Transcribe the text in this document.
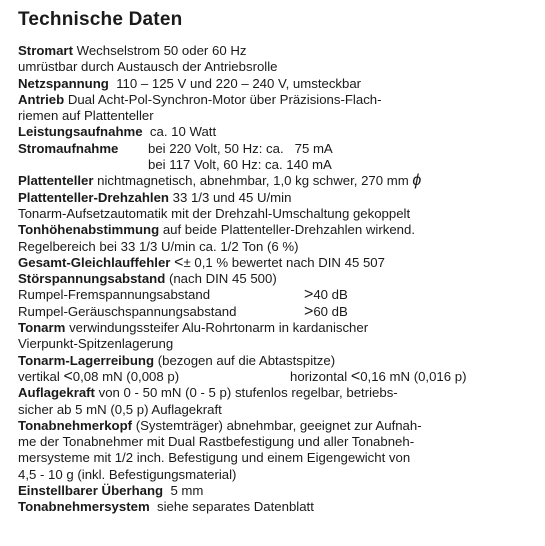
Technische Daten
Stromart Wechselstrom 50 oder 60 Hz
umrüstbar durch Austausch der Antriebsrolle
Netzspannung 110 – 125 V und 220 – 240 V, umsteckbar
Antrieb Dual Acht-Pol-Synchron-Motor über Präzisions-Flach-
riemen auf Plattenteller
Leistungsaufnahme ca. 10 Watt
Stromaufnahme bei 220 Volt, 50 Hz: ca.   75 mA
bei 117 Volt, 60 Hz: ca. 140 mA
Plattenteller nichtmagnetisch, abnehmbar, 1,0 kg schwer, 270 mm ϕ
Plattenteller-Drehzahlen 33 1/3 und 45 U/min
Tonarm-Aufsetzautomatik mit der Drehzahl-Umschaltung gekoppelt
Tonhöhenabstimmung auf beide Plattenteller-Drehzahlen wirkend.
Regelbereich bei 33 1/3 U/min ca. 1/2 Ton (6 %)
Gesamt-Gleichlauffehler <± 0,1 % bewertet nach DIN 45 507
Störspannungsabstand (nach DIN 45 500)
Rumpel-Fremspannungsabstand	>40 dB
Rumpel-Geräuschspannungsabstand	>60 dB
Tonarm verwindungssteifer Alu-Rohrtonarm in kardanischer
Vierpunkt-Spitzenlagerung
Tonarm-Lagerreibung (bezogen auf die Abtastspitze)
vertikal <0,08 mN (0,008 p)	horizontal <0,16 mN (0,016 p)
Auflagekraft von 0 - 50 mN (0 - 5 p) stufenlos regelbar, betriebs-
sicher ab 5 mN (0,5 p) Auflagekraft
Tonabnehmerkopf (Systemträger) abnehmbar, geeignet zur Aufnah-
me der Tonabnehmer mit Dual Rastbefestigung und aller Tonabneh-
mersysteme mit 1/2 inch. Befestigung und einem Eigengewicht von
4,5 - 10 g (inkl. Befestigungsmaterial)
Einstellbarer Überhang 5 mm
Tonabnehmersystem siehe separates Datenblatt
